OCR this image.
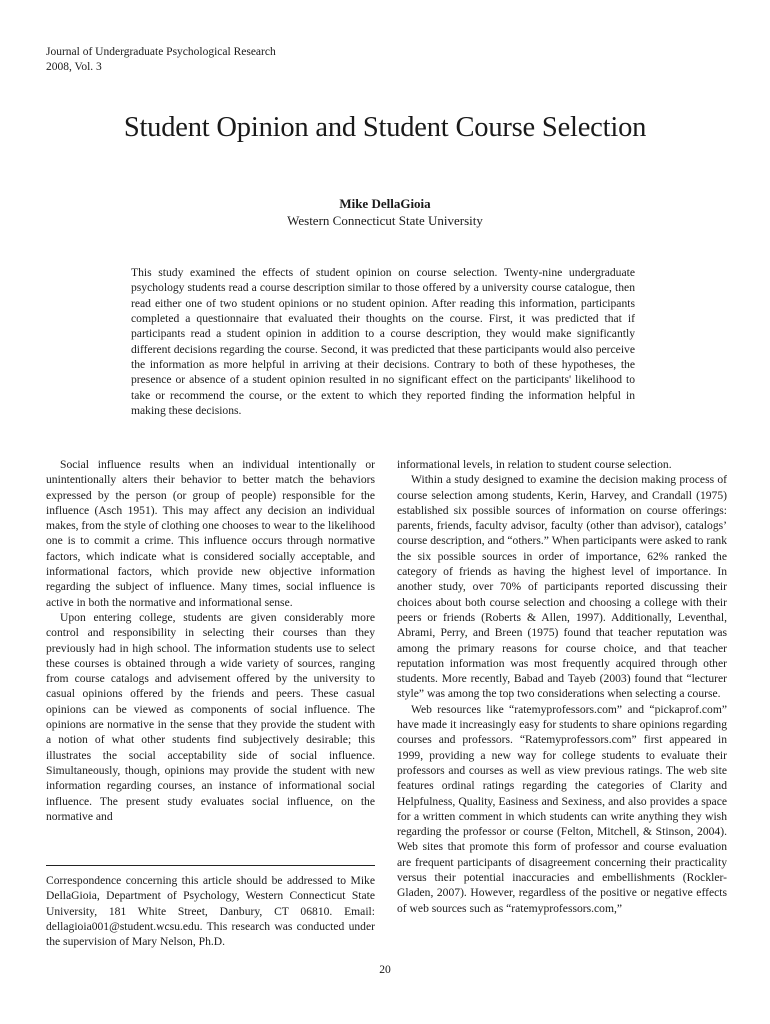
Journal of Undergraduate Psychological Research
2008, Vol. 3
Student Opinion and Student Course Selection
Mike DellaGioia
Western Connecticut State University

This study examined the effects of student opinion on course selection. Twenty-nine undergraduate psychology students read a course description similar to those offered by a university course catalogue, then read either one of two student opinions or no student opinion. After reading this information, participants completed a questionnaire that evaluated their thoughts on the course. First, it was predicted that if participants read a student opinion in addition to a course description, they would make significantly different decisions regarding the course. Second, it was predicted that these participants would also perceive the information as more helpful in arriving at their decisions. Contrary to both of these hypotheses, the presence or absence of a student opinion resulted in no significant effect on the participants' likelihood to take or recommend the course, or the extent to which they reported finding the information helpful in making these decisions.

Social influence results when an individual intentionally or unintentionally alters their behavior to better match the behaviors expressed by the person (or group of people) responsible for the influence (Asch 1951). This may affect any decision an individual makes, from the style of clothing one chooses to wear to the likelihood one is to commit a crime. This influence occurs through normative factors, which indicate what is considered socially acceptable, and informational factors, which provide new objective information regarding the subject of influence. Many times, social influence is active in both the normative and informational sense.

Upon entering college, students are given considerably more control and responsibility in selecting their courses than they previously had in high school. The information students use to select these courses is obtained through a wide variety of sources, ranging from course catalogs and advisement offered by the university to casual opinions offered by the friends and peers. These casual opinions can be viewed as components of social influence. The opinions are normative in the sense that they provide the student with a notion of what other students find subjectively desirable; this illustrates the social acceptability side of social influence. Simultaneously, though, opinions may provide the student with new information regarding courses, an instance of informational social influence. The present study evaluates social influence, on the normative and

informational levels, in relation to student course selection.

Within a study designed to examine the decision making process of course selection among students, Kerin, Harvey, and Crandall (1975) established six possible sources of information on course offerings: parents, friends, faculty advisor, faculty (other than advisor), catalogs’ course description, and “others.” When participants were asked to rank the six possible sources in order of importance, 62% ranked the category of friends as having the highest level of importance. In another study, over 70% of participants reported discussing their choices about both course selection and choosing a college with their peers or friends (Roberts & Allen, 1997). Additionally, Leventhal, Abrami, Perry, and Breen (1975) found that teacher reputation was among the primary reasons for course choice, and that teacher reputation information was most frequently acquired through other students. More recently, Babad and Tayeb (2003) found that “lecturer style” was among the top two considerations when selecting a course.

Web resources like “ratemyprofessors.com” and “pickaprof.com” have made it increasingly easy for students to share opinions regarding courses and professors. “Ratemyprofessors.com” first appeared in 1999, providing a new way for college students to evaluate their professors and courses as well as view previous ratings. The web site features ordinal ratings regarding the categories of Clarity and Helpfulness, Quality, Easiness and Sexiness, and also provides a space for a written comment in which students can write anything they wish regarding the professor or course (Felton, Mitchell, & Stinson, 2004). Web sites that promote this form of professor and course evaluation are frequent participants of disagreement concerning their practicality versus their potential inaccuracies and embellishments (Rockler-Gladen, 2007). However, regardless of the positive or negative effects of web sources such as “ratemyprofessors.com,”

Correspondence concerning this article should be addressed to Mike DellaGioia, Department of Psychology, Western Connecticut State University, 181 White Street, Danbury, CT 06810. Email: dellagioia001@student.wcsu.edu. This research was conducted under the supervision of Mary Nelson, Ph.D.

20
